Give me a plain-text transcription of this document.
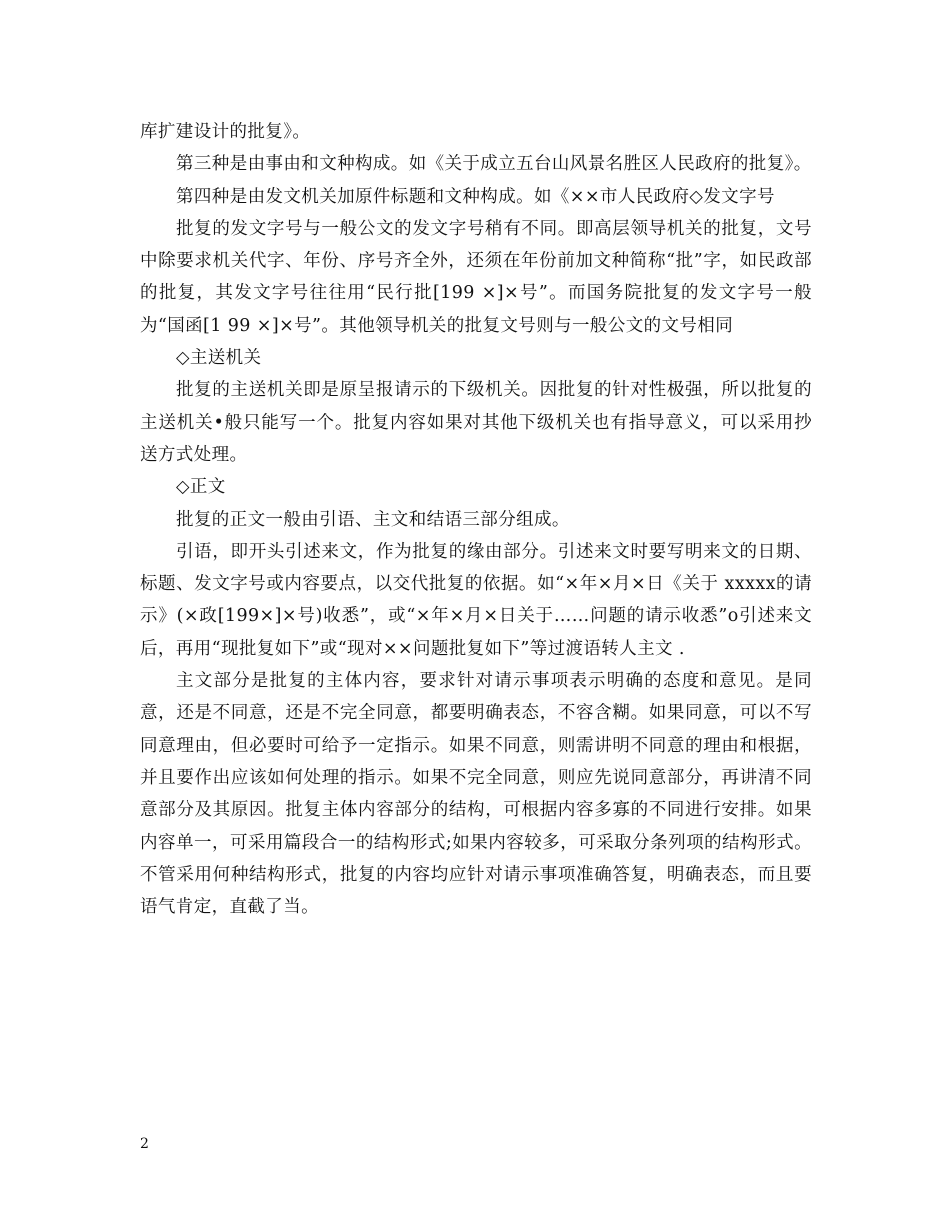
库扩建设计的批复》。

第三种是由事由和文种构成。如《关于成立五台山风景名胜区人民政府的批复》。

第四种是由发文机关加原件标题和文种构成。如《××市人民政府◇发文字号

批复的发文字号与一般公文的发文字号稍有不同。即高层领导机关的批复，文号中除要求机关代字、年份、序号齐全外，还须在年份前加文种简称“批”字，如民政部的批复，其发文字号往往用“民行批[199 ×]×号”。而国务院批复的发文字号一般为“国函[1 99 ×]×号”。其他领导机关的批复文号则与一般公文的文号相同

◇主送机关

批复的主送机关即是原呈报请示的下级机关。因批复的针对性极强，所以批复的主送机关•般只能写一个。批复内容如果对其他下级机关也有指导意义，可以采用抄送方式处理。

◇正文

批复的正文一般由引语、主文和结语三部分组成。

引语，即开头引述来文，作为批复的缘由部分。引述来文时要写明来文的日期、标题、发文字号或内容要点，以交代批复的依据。如“×年×月×日《关于 xxxxx的请示》(×政[199×]×号)收悉”，或“×年×月×日关于……问题的请示收悉”o引述来文后，再用“现批复如下”或“现对××问题批复如下”等过渡语转人主文 .

主文部分是批复的主体内容，要求针对请示事项表示明确的态度和意见。是同意，还是不同意，还是不完全同意，都要明确表态，不容含糊。如果同意，可以不写同意理由，但必要时可给予一定指示。如果不同意，则需讲明不同意的理由和根据，并且要作出应该如何处理的指示。如果不完全同意，则应先说同意部分，再讲清不同意部分及其原因。批复主体内容部分的结构，可根据内容多寡的不同进行安排。如果内容单一，可采用篇段合一的结构形式;如果内容较多，可采取分条列项的结构形式。不管采用何种结构形式，批复的内容均应针对请示事项准确答复，明确表态，而且要语气肯定，直截了当。

2
